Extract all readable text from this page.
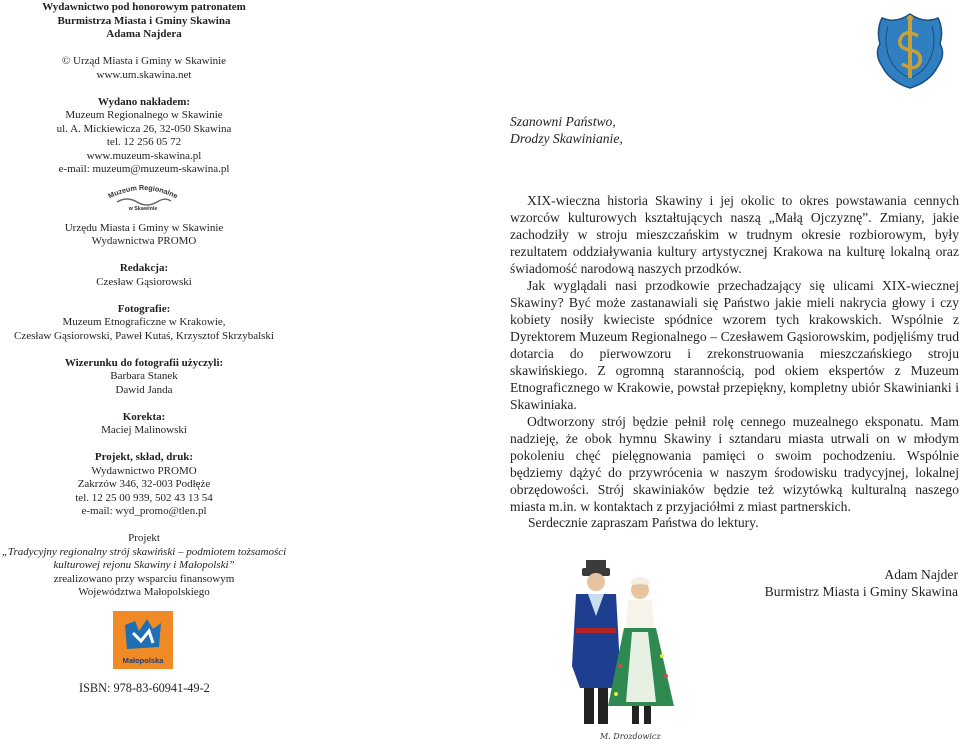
Wydawnictwo pod honorowym patronatem
Burmistrza Miasta i Gminy Skawina
Adama Najdera
© Urząd Miasta i Gminy w Skawinie
www.um.skawina.net
Wydano nakładem:
Muzeum Regionalnego w Skawinie
ul. A. Mickiewicza 26, 32-050 Skawina
tel. 12 256 05 72
www.muzeum-skawina.pl
e-mail: muzeum@muzeum-skawina.pl
Urzędu Miasta i Gminy w Skawinie
Wydawnictwa PROMO
Redakcja:
Czesław Gąsiorowski
Fotografie:
Muzeum Etnograficzne w Krakowie,
Czesław Gąsiorowski, Paweł Kutaś, Krzysztof Skrzybalski
Wizerunku do fotografii użyczyli:
Barbara Stanek
Dawid Janda
Korekta:
Maciej Malinowski
Projekt, skład, druk:
Wydawnictwo PROMO
Zakrzów 346, 32-003 Podłęże
tel. 12 25 00 939, 502 43 13 54
e-mail: wyd_promo@tlen.pl
Projekt
„Tradycyjny regionalny strój skawiński – podmiotem tożsamości
kulturowej rejonu Skawiny i Małopolski”
zrealizowano przy wsparciu finansowym
Województwa Małopolskiego
Muzeum Regionalne
w Skawinie
Małopolska
ISBN: 978-83-60941-49-2
Szanowni Państwo,
Drodzy Skawinianie,

XIX-wieczna historia Skawiny i jej okolic to okres powstawania cennych wzorców kulturowych kształtujących naszą „Małą Ojczyznę”. Zmiany, jakie zachodziły w stroju mieszczańskim w trudnym okresie rozbiorowym, były rezultatem oddziaływania kultury artystycznej Krakowa na kulturę lokalną oraz świadomość narodową naszych przodków.

Jak wyglądali nasi przodkowie przechadzający się ulicami XIX-wiecznej Skawiny? Być może zastanawiali się Państwo jakie mieli nakrycia głowy i czy kobiety nosiły kwieciste spódnice wzorem tych krakowskich. Wspólnie z Dyrektorem Muzeum Regionalnego – Czesławem Gąsiorowskim, podjęliśmy trud dotarcia do pierwowzoru i zrekonstruowania mieszczańskiego stroju skawińskiego. Z ogromną starannością, pod okiem ekspertów z Muzeum Etnograficznego w Krakowie, powstał przepiękny, kompletny ubiór Skawinianki i Skawiniaka.

Odtworzony strój będzie pełnił rolę cennego muzealnego eksponatu. Mam nadzieję, że obok hymnu Skawiny i sztandaru miasta utrwali on w młodym pokoleniu chęć pielęgnowania pamięci o swoim pochodzeniu. Wspólnie będziemy dążyć do przywrócenia w naszym środowisku tradycyjnej, lokalnej obrzędowości. Strój skawiniaków będzie też wizytówką kulturalną naszego miasta m.in. w kontaktach z przyjaciółmi z miast partnerskich.

Serdecznie zapraszam Państwa do lektury.
Adam Najder
Burmistrz Miasta i Gminy Skawina
M. Drozdowicz
